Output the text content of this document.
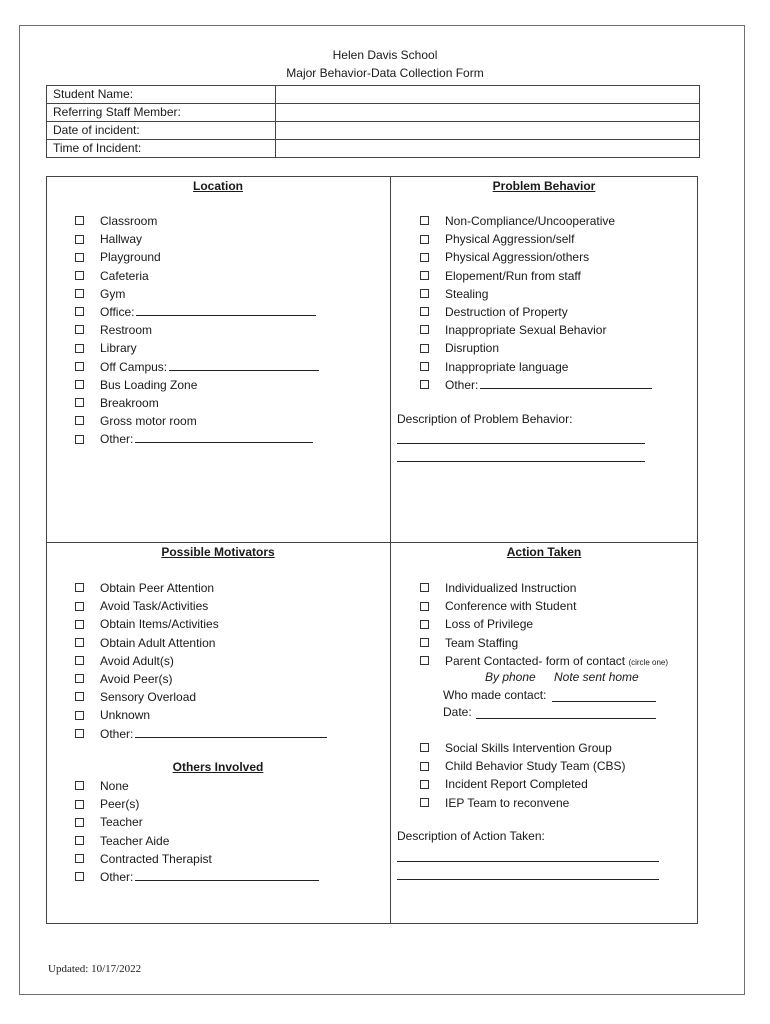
Helen Davis School
Major Behavior-Data Collection Form
Student Name:	
Referring Staff Member:	
Date of incident:	
Time of Incident:	
Location
Classroom
Hallway
Playground
Cafeteria
Gym
Office:
Restroom
Library
Off Campus:
Bus Loading Zone
Breakroom
Gross motor room
Other:
Problem Behavior
Non-Compliance/Uncooperative
Physical Aggression/self
Physical Aggression/others
Elopement/Run from staff
Stealing
Destruction of Property
Inappropriate Sexual Behavior
Disruption
Inappropriate language
Other:
Description of Problem Behavior:
Possible Motivators
Obtain Peer Attention
Avoid Task/Activities
Obtain Items/Activities
Obtain Adult Attention
Avoid Adult(s)
Avoid Peer(s)
Sensory Overload
Unknown
Other:
Others Involved
None
Peer(s)
Teacher
Teacher Aide
Contracted Therapist
Other:
Action Taken
Individualized Instruction
Conference with Student
Loss of Privilege
Team Staffing
Parent Contacted- form of contact (circle one)
By phone Note sent home
Who made contact:
Date:
Social Skills Intervention Group
Child Behavior Study Team (CBS)
Incident Report Completed
IEP Team to reconvene
Description of Action Taken:
Updated: 10/17/2022
